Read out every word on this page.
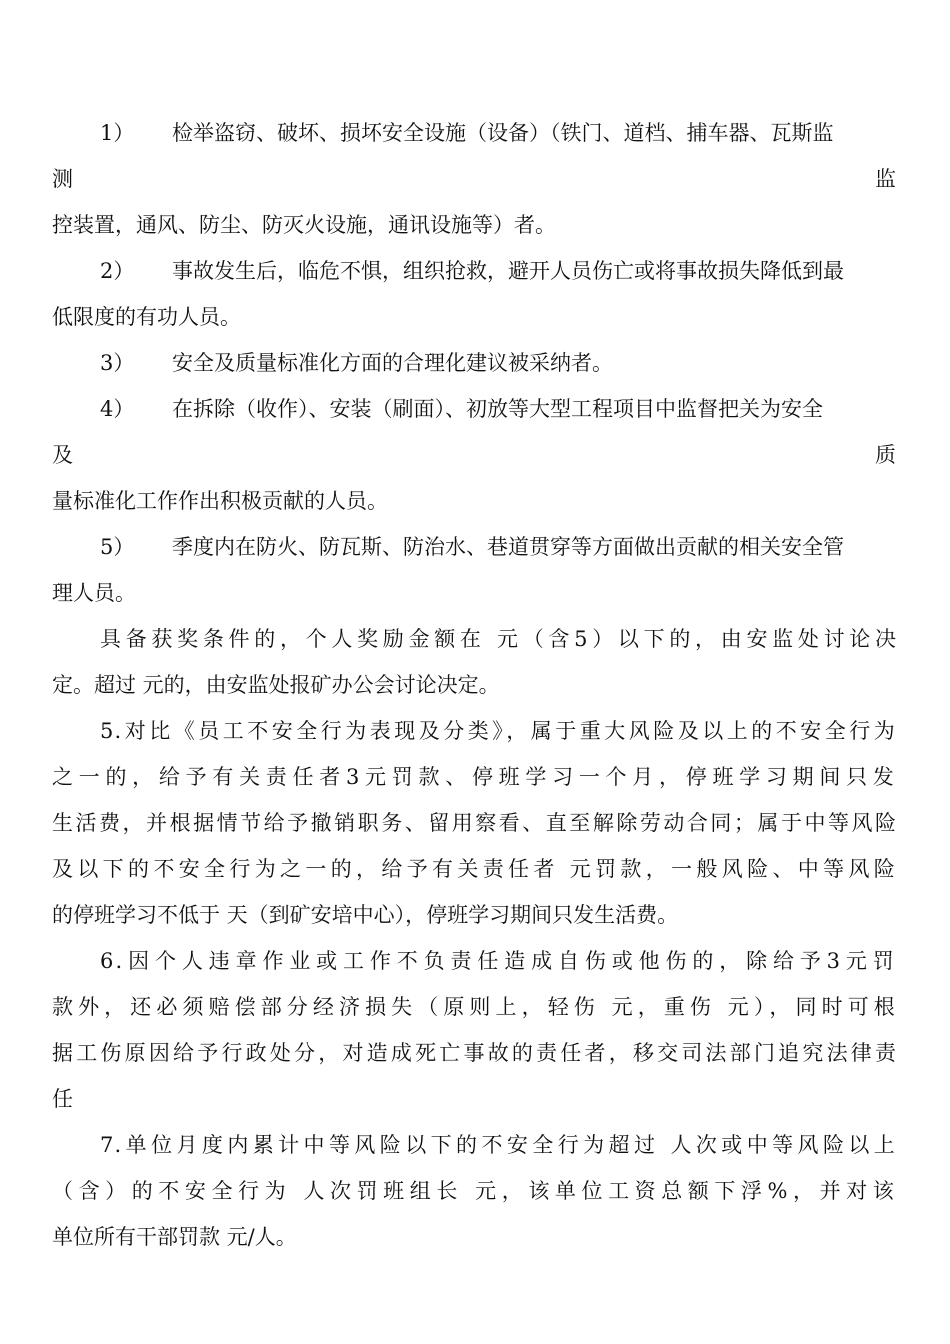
1） 检举盗窃、破坏、损坏安全设施（设备）（铁门、道档、捕车器、瓦斯监
测	监
控装置，通风、防尘、防灭火设施，通讯设施等）者。
2） 事故发生后，临危不惧，组织抢救，避开人员伤亡或将事故损失降低到最
低限度的有功人员。
3） 安全及质量标准化方面的合理化建议被采纳者。
4） 在拆除（收作）、安装（刷面）、初放等大型工程项目中监督把关为安全
及	质
量标准化工作作出积极贡献的人员。
5） 季度内在防火、防瓦斯、防治水、巷道贯穿等方面做出贡献的相关安全管
理人员。
具备获奖条件的，个人奖励金额在 元（含5）以下的，由安监处讨论决
定。超过 元的，由安监处报矿办公会讨论决定。
5.对比《员工不安全行为表现及分类》，属于重大风险及以上的不安全行为
之一的，给予有关责任者3元罚款、停班学习一个月，停班学习期间只发
生活费，并根据情节给予撤销职务、留用察看、直至解除劳动合同；属于中等风险
及以下的不安全行为之一的，给予有关责任者 元罚款，一般风险、中等风险
的停班学习不低于 天（到矿安培中心），停班学习期间只发生活费。
6.因个人违章作业或工作不负责任造成自伤或他伤的，除给予3元罚
款外，还必须赔偿部分经济损失（原则上，轻伤 元，重伤 元），同时可根
据工伤原因给予行政处分，对造成死亡事故的责任者，移交司法部门追究法律责
任
7.单位月度内累计中等风险以下的不安全行为超过 人次或中等风险以上
（含）的不安全行为 人次罚班组长 元，该单位工资总额下浮%，并对该
单位所有干部罚款 元/人。
